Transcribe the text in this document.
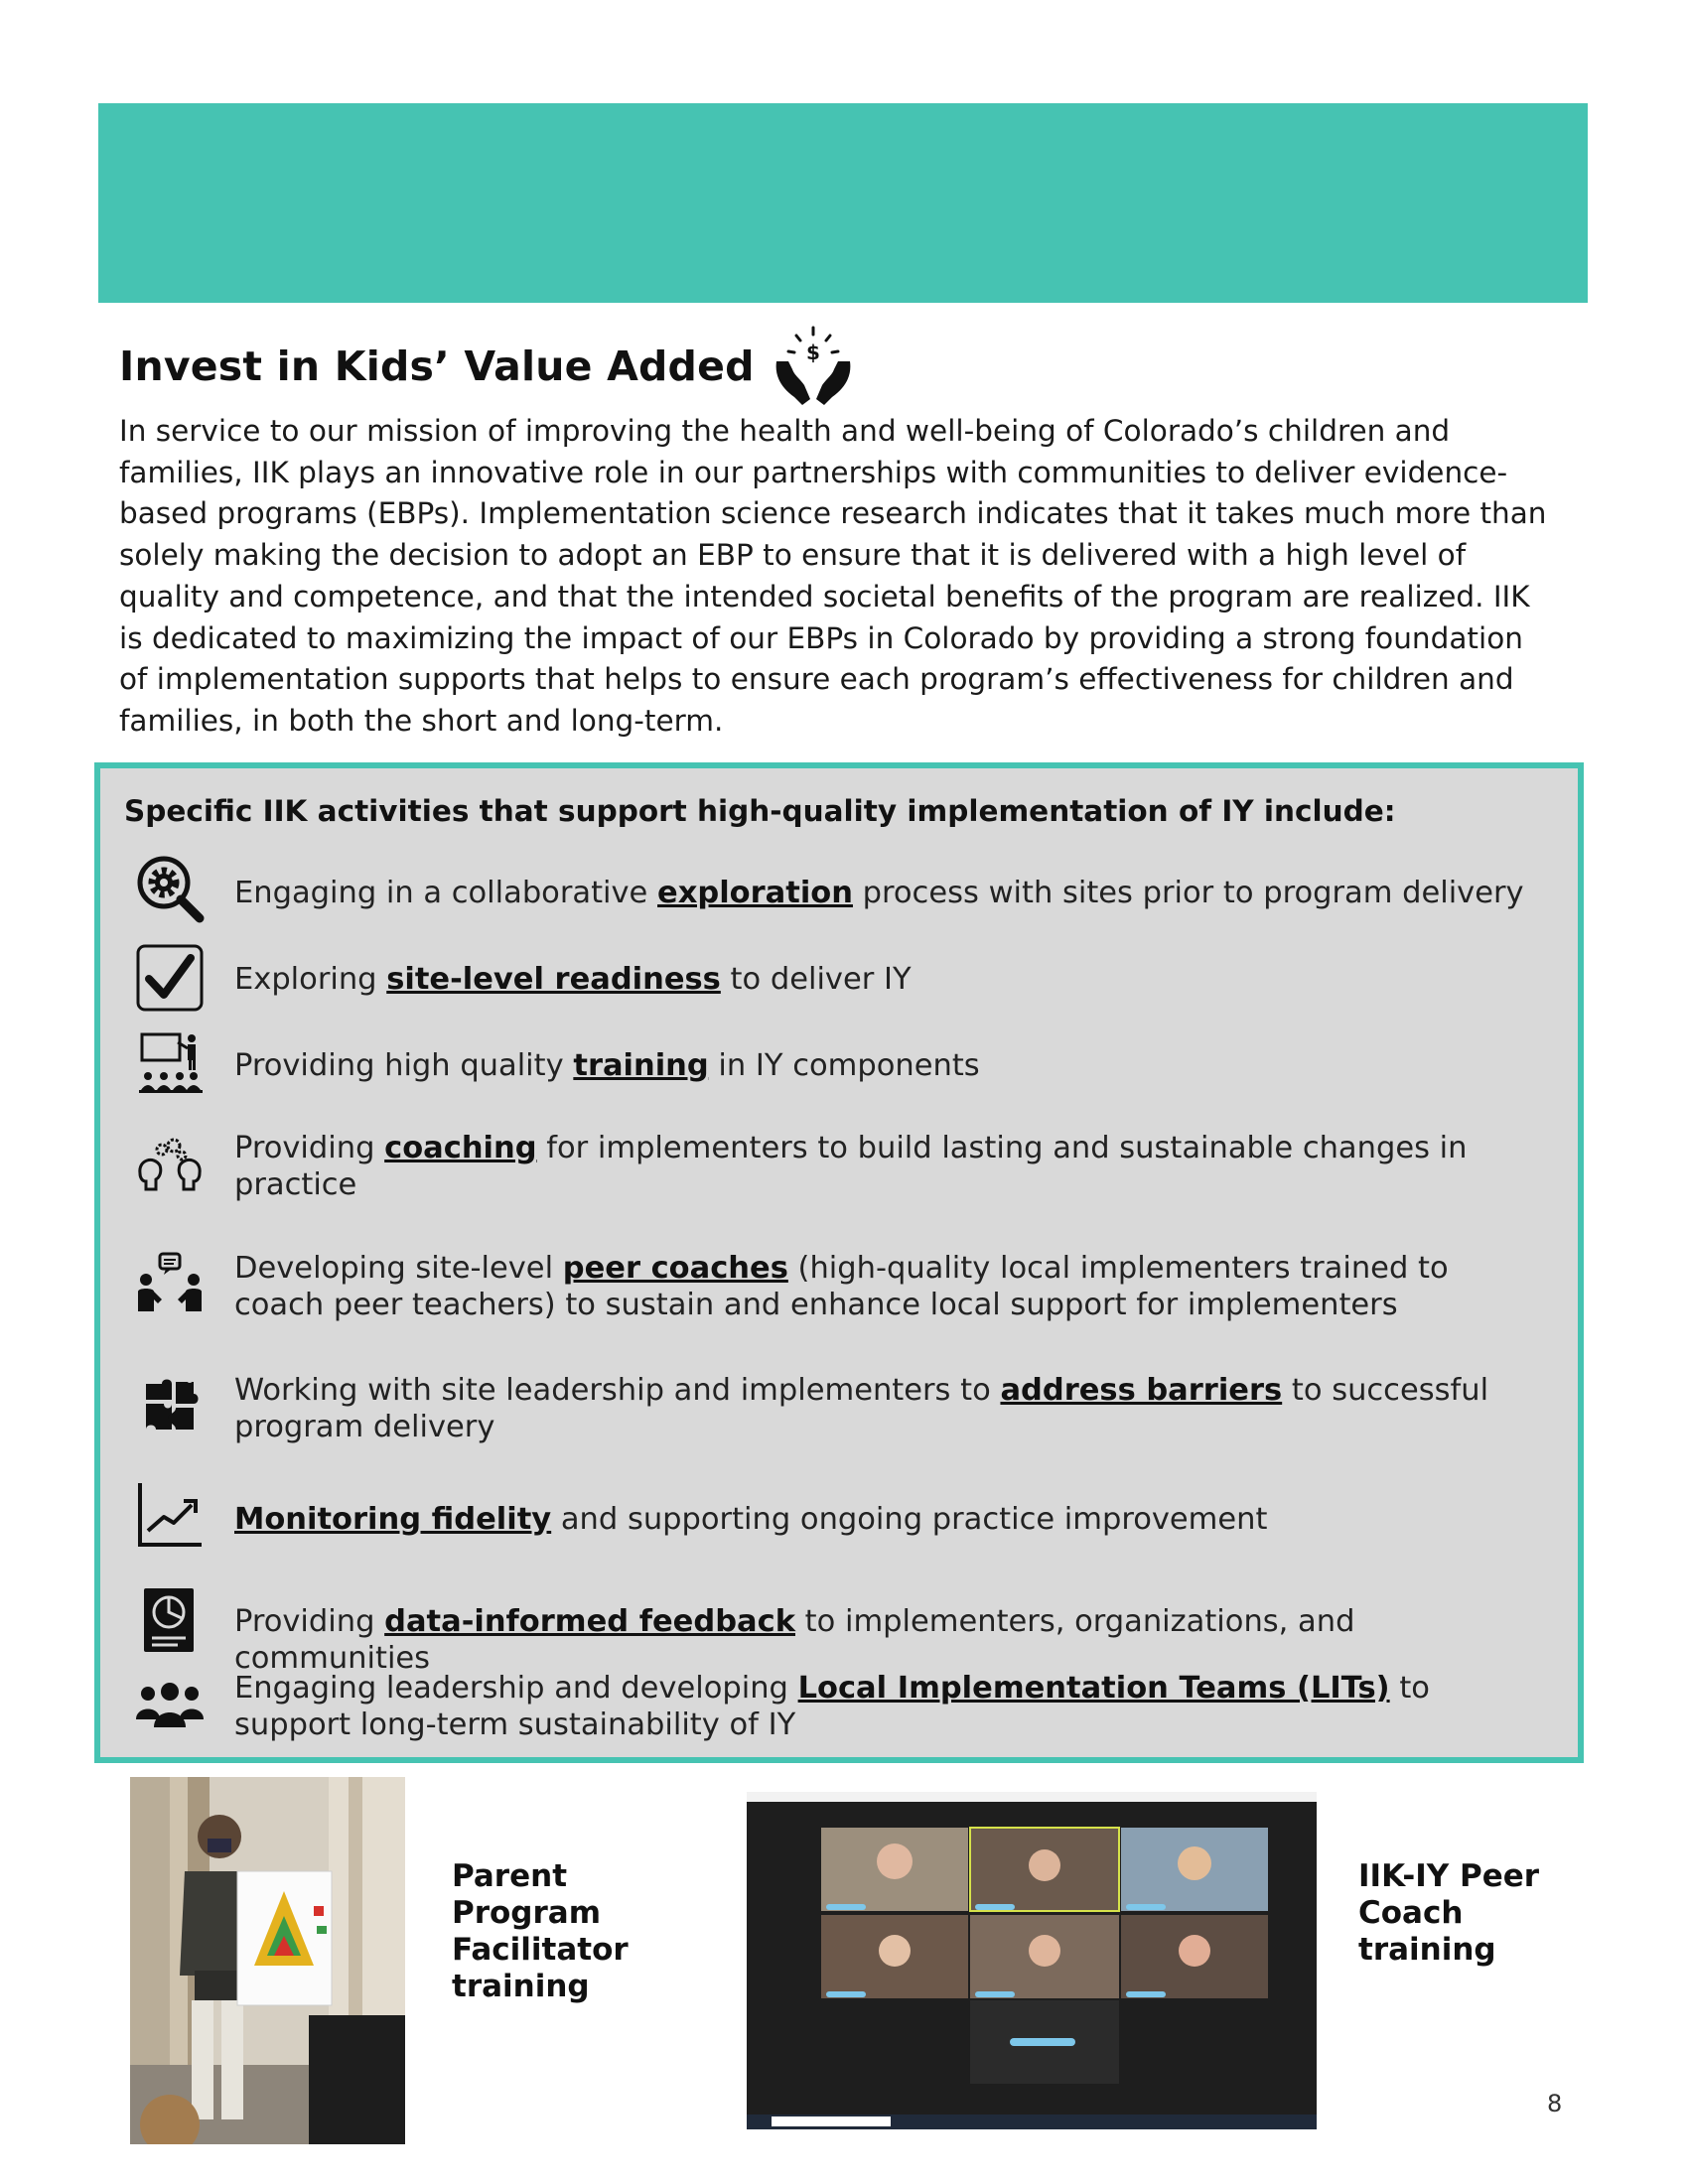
Invest in Kids’ Value Added	$

In service to our mission of improving the health and well-being of Colorado’s children and families, IIK plays an innovative role in our partnerships with communities to deliver evidence-based programs (EBPs). Implementation science research indicates that it takes much more than solely making the decision to adopt an EBP to ensure that it is delivered with a high level of quality and competence, and that the intended societal benefits of the program are realized. IIK is dedicated to maximizing the impact of our EBPs in Colorado by providing a strong foundation of implementation supports that helps to ensure each program’s effectiveness for children and families, in both the short and long-term.

Specific IIK activities that support high-quality implementation of IY include:

Engaging in a collaborative exploration process with sites prior to program delivery
Exploring site-level readiness to deliver IY
Providing high quality training in IY components
Providing coaching for implementers to build lasting and sustainable changes in practice
Developing site-level peer coaches (high-quality local implementers trained to coach peer teachers) to sustain and enhance local support for implementers
Working with site leadership and implementers to address barriers to successful program delivery
Monitoring fidelity and supporting ongoing practice improvement
Providing data-informed feedback to implementers, organizations, and communities
Engaging leadership and developing Local Implementation Teams (LITs) to support long-term sustainability of IY
Parent Program Facilitator training
IIK-IY Peer Coach training
8
